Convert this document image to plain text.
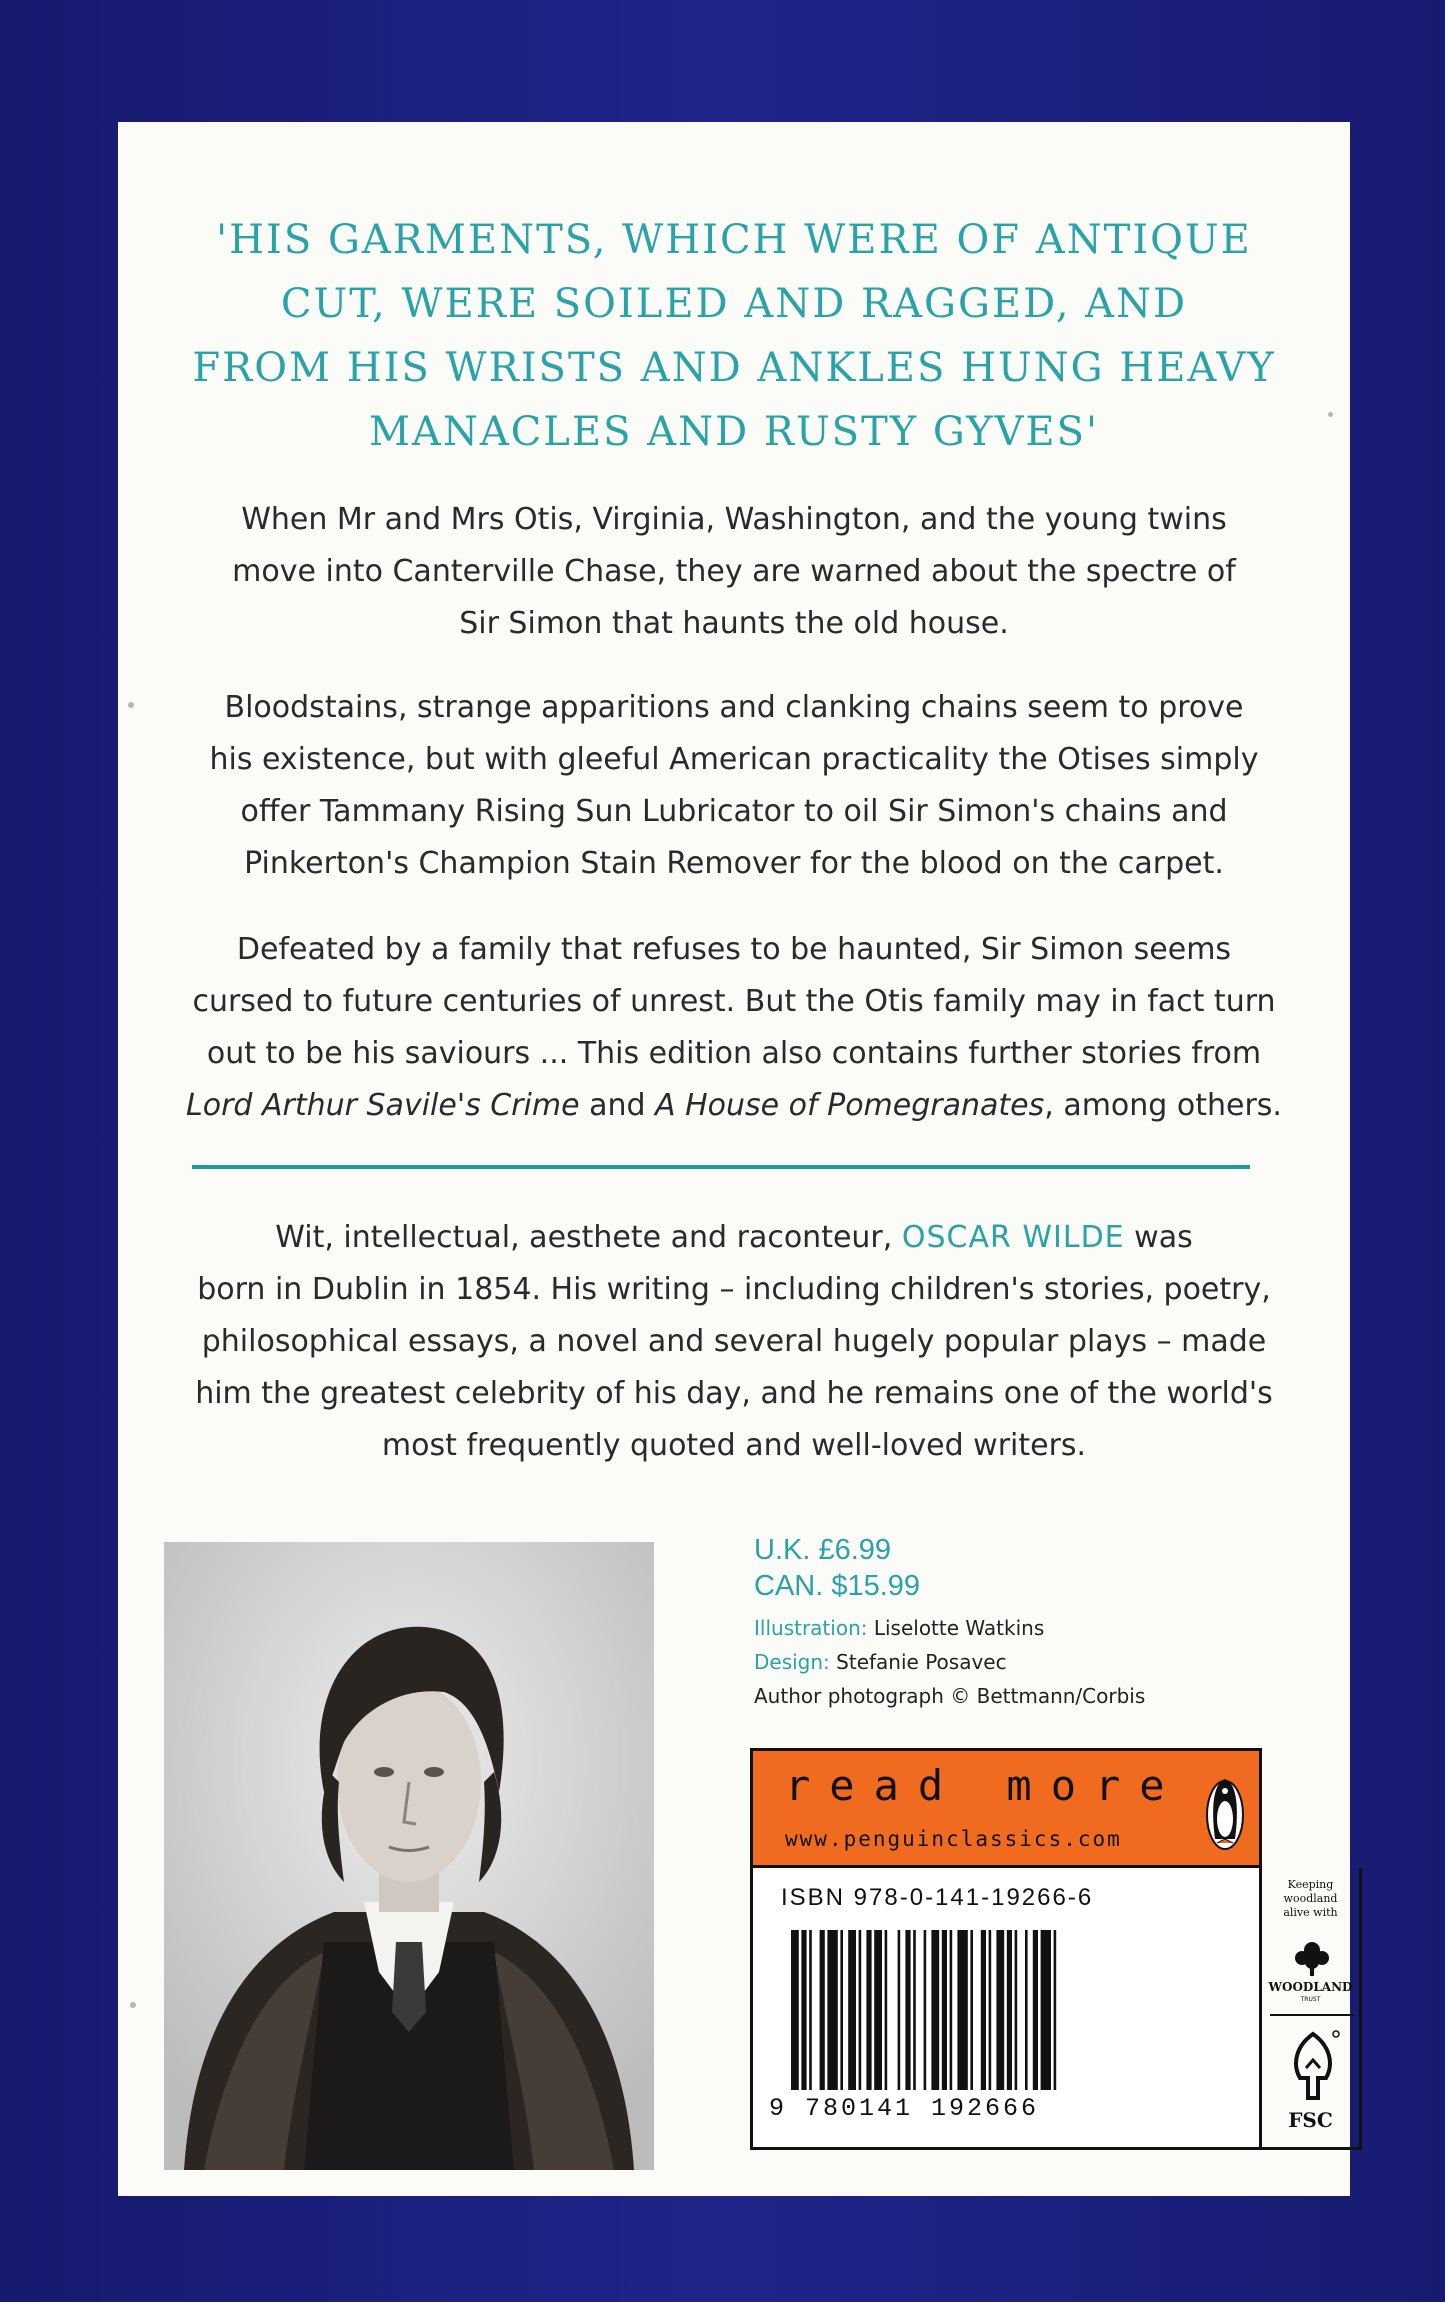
'HIS GARMENTS, WHICH WERE OF ANTIQUE
CUT, WERE SOILED AND RAGGED, AND
FROM HIS WRISTS AND ANKLES HUNG HEAVY
MANACLES AND RUSTY GYVES'
When Mr and Mrs Otis, Virginia, Washington, and the young twins
move into Canterville Chase, they are warned about the spectre of
Sir Simon that haunts the old house.
Bloodstains, strange apparitions and clanking chains seem to prove
his existence, but with gleeful American practicality the Otises simply
offer Tammany Rising Sun Lubricator to oil Sir Simon's chains and
Pinkerton's Champion Stain Remover for the blood on the carpet.
Defeated by a family that refuses to be haunted, Sir Simon seems
cursed to future centuries of unrest. But the Otis family may in fact turn
out to be his saviours ... This edition also contains further stories from
Lord Arthur Savile's Crime and A House of Pomegranates, among others.
Wit, intellectual, aesthete and raconteur, OSCAR WILDE was
born in Dublin in 1854. His writing – including children's stories, poetry,
philosophical essays, a novel and several hugely popular plays – made
him the greatest celebrity of his day, and he remains one of the world's
most frequently quoted and well-loved writers.
U.K. £6.99
CAN. $15.99
Illustration: Liselotte Watkins
Design: Stefanie Posavec
Author photograph © Bettmann/Corbis
read more
www.penguinclassics.com
ISBN 978-0-141-19266-6
9 780141 192666
Keeping
woodland
alive with
WOODLAND
TRUST
FSC
